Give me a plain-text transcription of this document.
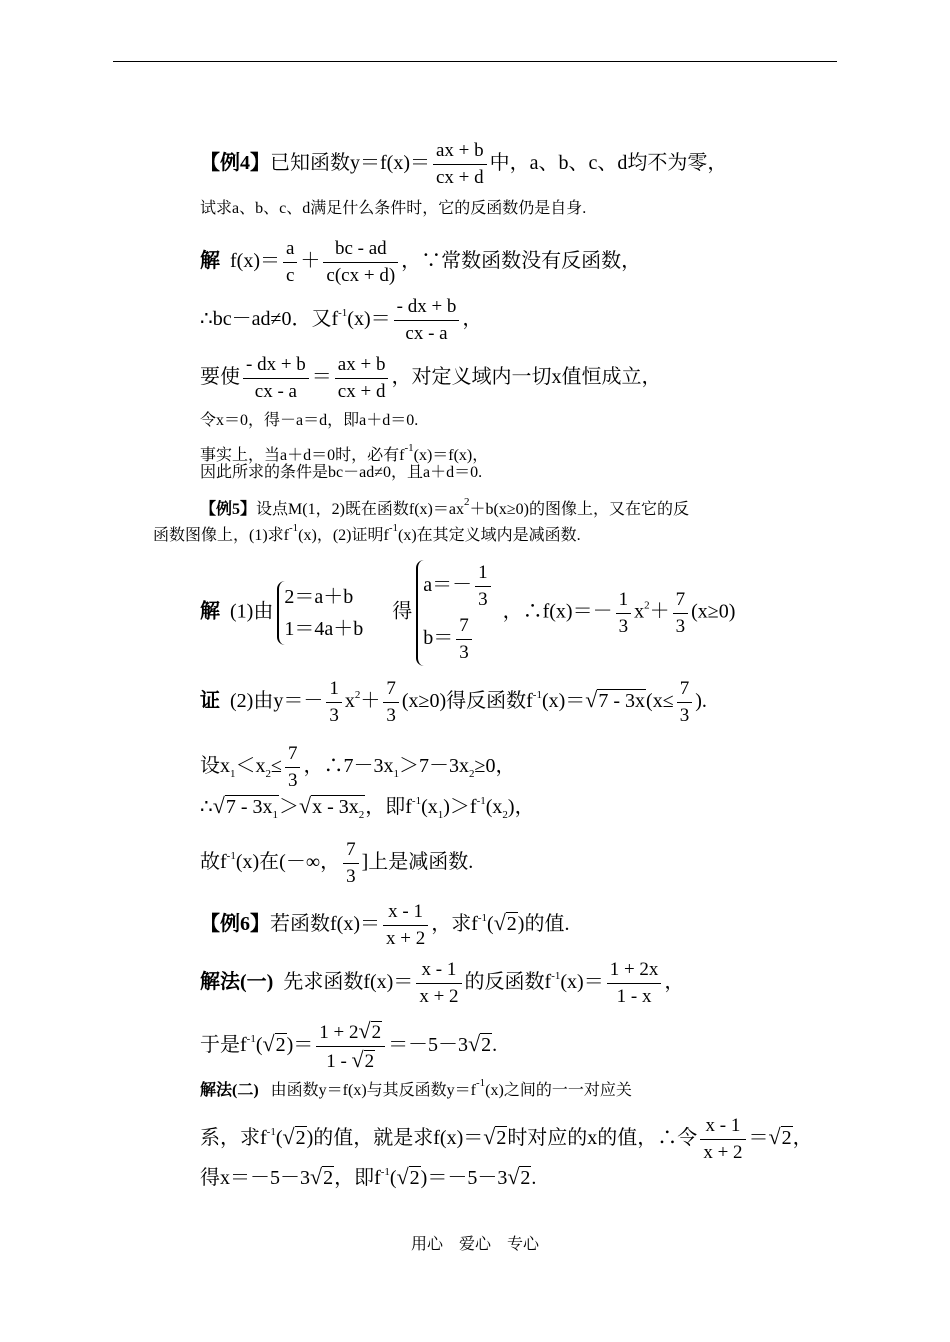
【例4】已知函数$y=f(x)= \frac{ax + b}{cx + d}$ 中，a、b、c、d均不为零，
试求a、b、c、d满足什么条件时，它的反函数仍是自身.
解 $f(x)= \frac{a}{c} + \frac{bc - ad}{c(cx + d)}$ ，∵常数函数没有反函数，
∴bc－ad≠0．又$f^{-1}(x)= \frac{- dx + b}{cx - a}$ ，
要使 $\frac{- dx + b}{cx - a} = \frac{ax + b}{cx + d}$ ，对定义域内一切x值恒成立，
令x＝0，得－a＝d，即a＋d＝0.
事实上，当a＋d＝0时，必有$f^{-1}(x)=f(x)$，
因此所求的条件是bc－ad≠0，且a＋d＝0.
【例5】设点M(1，2)既在函数$f(x)=ax^2+b(x\ge 0)$的图像上，又在它的反
函数图像上，(1)求$f^{-1}(x)$，(2)证明$f^{-1}(x)$在其定义域内是减函数.
解 (1)由
2＝a＋b
1＝4a＋b
得
$a=- \frac{1}{3}$
$b= \frac{7}{3}$
，∴f(x)＝－ $\frac{1}{3} x^2+ \frac{7}{3} (x\ge 0)$
证 (2)由$y=- \frac{1}{3} x^2+ \frac{7}{3} (x\ge 0)$得反函数$f^{-1}(x)=√7 - 3x(x\le \frac{7}{3}$ ).
设$x_1<x_2\le \frac{7}{3}$ ，$\therefore 7-3x_1>7-3x_2\ge 0$，
∴√7 - $3x_1>√x - 3x_2$，即$f^{-1}(x_1)>f^{-1}(x_2)$，
故$f^{-1}(x)$在(－∞， $\frac{7}{3}$ ]上是减函数.
【例6】若函数$f(x)= \frac{x - 1}{x + 2}$ ，求$f^{-1}(√2)$的值.
解法(一) 先求函数$f(x)= \frac{x - 1}{x + 2}$ 的反函数$f^{-1}(x)= \frac{1 + 2x}{1 - x}$ ，
于是$f^{-1}(√2)= \frac{1 + 2√2}{1 - √2} =-5-3√2$.
解法(二) 由函数y＝f(x)与其反函数$y=f^{-1}(x)$之间的一一对应关
系，求$f^{-1}(√2)$的值，就是求f(x)＝√2时对应的x的值，∴令 $\frac{x - 1}{x + 2} =√2$，
得x＝－5－3√2，即$f^{-1}(√2)=-5-3√2$.
用心　爱心　专心
